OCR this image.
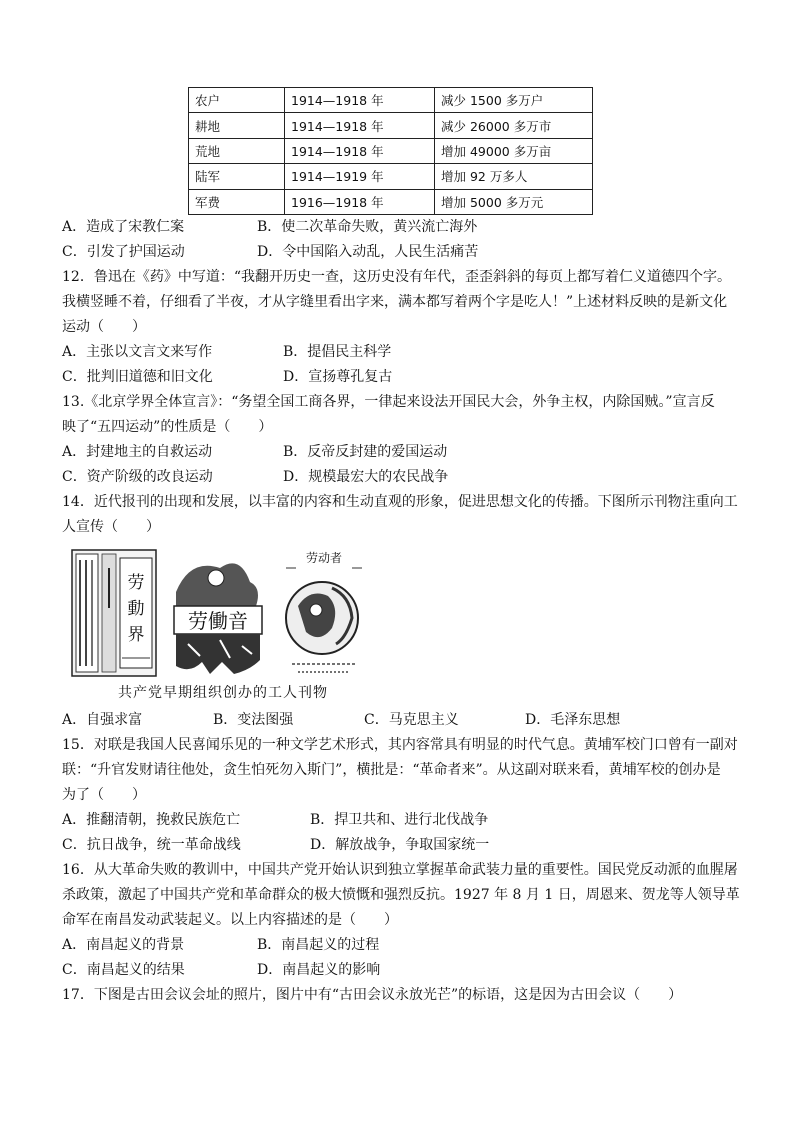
农户	1914—1918 年	减少 1500 多万户
耕地	1914—1918 年	减少 26000 多万市
荒地	1914—1918 年	增加 49000 多万亩
陆军	1914—1919 年	增加 92 万多人
军费	1916—1918 年	增加 5000 多万元
A．造成了宋教仁案	B．使二次革命失败，黄兴流亡海外
C．引发了护国运动	D．令中国陷入动乱，人民生活痛苦
12．鲁迅在《药》中写道：“我翻开历史一查，这历史没有年代，歪歪斜斜的每页上都写着仁义道德四个字。
我横竖睡不着，仔细看了半夜，才从字缝里看出字来，满本都写着两个字是吃人！”上述材料反映的是新文化
运动（　　）
A．主张以文言文来写作	B．提倡民主科学
C．批判旧道德和旧文化	D．宣扬尊孔复古
13.《北京学界全体宣言》：“务望全国工商各界，一律起来设法开国民大会，外争主权，内除国贼。”宣言反
映了“五四运动”的性质是（　　）
A．封建地主的自救运动	B．反帝反封建的爱国运动
C．资产阶级的改良运动	D．规模最宏大的农民战争
14．近代报刊的出现和发展，以丰富的内容和生动直观的形象，促进思想文化的传播。下图所示刊物注重向工
人宣传（　　）
劳
動
界
劳働音
劳动者
共产党早期组织创办的工人刊物
A．自强求富	B．变法图强	C．马克思主义	D．毛泽东思想
15．对联是我国人民喜闻乐见的一种文学艺术形式，其内容常具有明显的时代气息。黄埔军校门口曾有一副对
联：“升官发财请往他处，贪生怕死勿入斯门”，横批是：“革命者来”。从这副对联来看，黄埔军校的创办是
为了（　　）
A．推翻清朝，挽救民族危亡	B．捍卫共和、进行北伐战争
C．抗日战争，统一革命战线	D．解放战争，争取国家统一
16．从大革命失败的教训中，中国共产党开始认识到独立掌握革命武装力量的重要性。国民党反动派的血腥屠
杀政策，激起了中国共产党和革命群众的极大愤慨和强烈反抗。1927 年 8 月 1 日，周恩来、贺龙等人领导革
命军在南昌发动武装起义。以上内容描述的是（　　）
A．南昌起义的背景	B．南昌起义的过程
C．南昌起义的结果	D．南昌起义的影响
17．下图是古田会议会址的照片，图片中有“古田会议永放光芒”的标语，这是因为古田会议（　　）
